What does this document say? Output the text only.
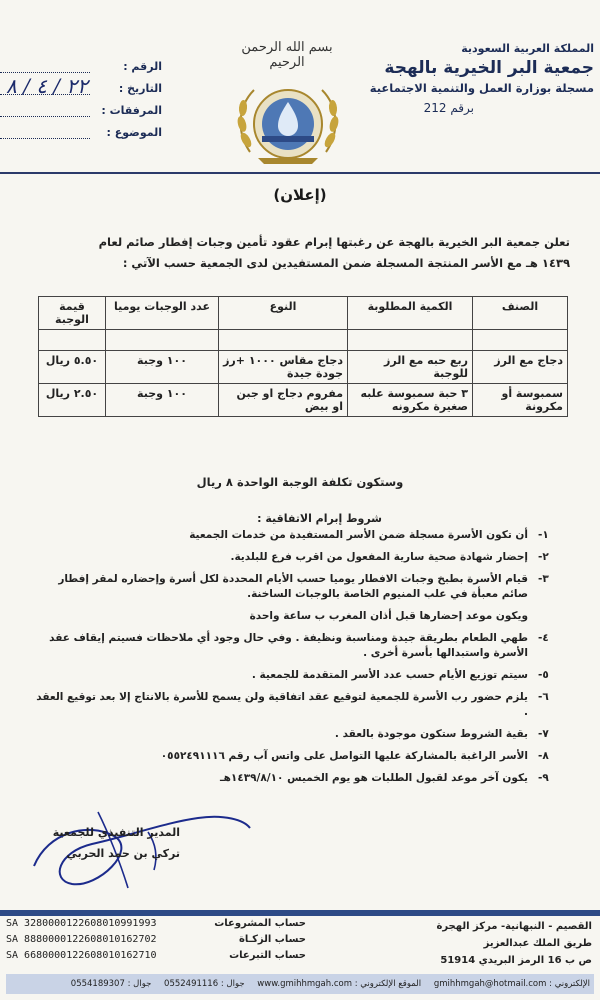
المملكة العربية السعودية
جمعية البر الخيرية بالهجة
مسجلة بوزارة العمل والتنمية الاجتماعية
برقم 212
بسم الله الرحمن الرحيم
الرقم :
٢٢ / ٤ / ٨	التاريخ :
المرفقات :
الموضوع :
(إعلان)
تعلن جمعية البر الخيرية بالهجة عن رغبتها إبرام عقود تأمين وجبات إفطار صائم لعام
١٤٣٩ هـ مع الأسر المنتجة المسجلة ضمن المستفيدين لدى الجمعية حسب الآتي :
الصنف	الكمية المطلوبة	النوع	عدد الوجبات يوميا	قيمة الوجبة

دجاج مع الرز	ربع حبه مع الرز للوجبة	دجاج مقاس ١٠٠٠ +رز جودة جيدة	١٠٠ وجبة	٥.٥٠ ريال
سمبوسة أو مكرونة	٣ حبة سمبوسة علبه صغيرة مكرونه	مفروم دجاج او جبن او بيض	١٠٠ وجبة	٢.٥٠ ريال
وستكون تكلفة الوجبة الواحدة ٨ ريال
شروط إبرام الاتفاقية :
١-
أن تكون الأسرة مسجلة ضمن الأسر المستفيدة من خدمات الجمعية
٢-
إحضار شهادة صحية سارية المفعول من اقرب فرع للبلدية.
٣-
قيام الأسرة بطبخ وجبات الافطار يوميا حسب الأيام المحددة لكل أسرة وإحضاره لمقر إفطار صائم معبأة في علب المنيوم الخاصة بالوجبات الساخنة.
ويكون موعد إحضارها قبل أذان المغرب ب ساعة واحدة
٤-
طهي الطعام بطريقة جيدة ومناسبة ونظيفة . وفي حال وجود أي ملاحظات فسيتم إيقاف عقد الأسرة واستبدالها بأسرة أخرى .
٥-
سيتم توزيع الأيام حسب عدد الأسر المتقدمة للجمعية .
٦-
يلزم حضور رب الأسرة للجمعية لتوقيع عقد اتفاقية ولن يسمح للأسرة بالانتاج إلا بعد توقيع العقد .
٧-
بقية الشروط ستكون موجودة بالعقد .
٨-
الأسر الراغبة بالمشاركة عليها التواصل على واتس آب رقم ٠٥٥٢٤٩١١١٦
٩-
يكون آخر موعد لقبول الطلبات هو يوم الخميس ١٤٣٩/٨/١٠هـ
المدير التنفيذي للجمعية
تركي بن حمد الحربي
SA 3280000122608010991993	حساب المشروعات
SA 8880000122608010162702	حساب الزكـاة
SA 6680000122608010162710	حساب التبرعات
القصيم - النبهانية- مركز الهجرة
طريق الملك عبدالعزيز
ص ب 16 الرمز البريدي 51914
الإلكتروني : gmihhmgah@hotmail.com الموقع الإلكتروني : www.gmihhmgah.com جوال : 0552491116 جوال : 0554189307
